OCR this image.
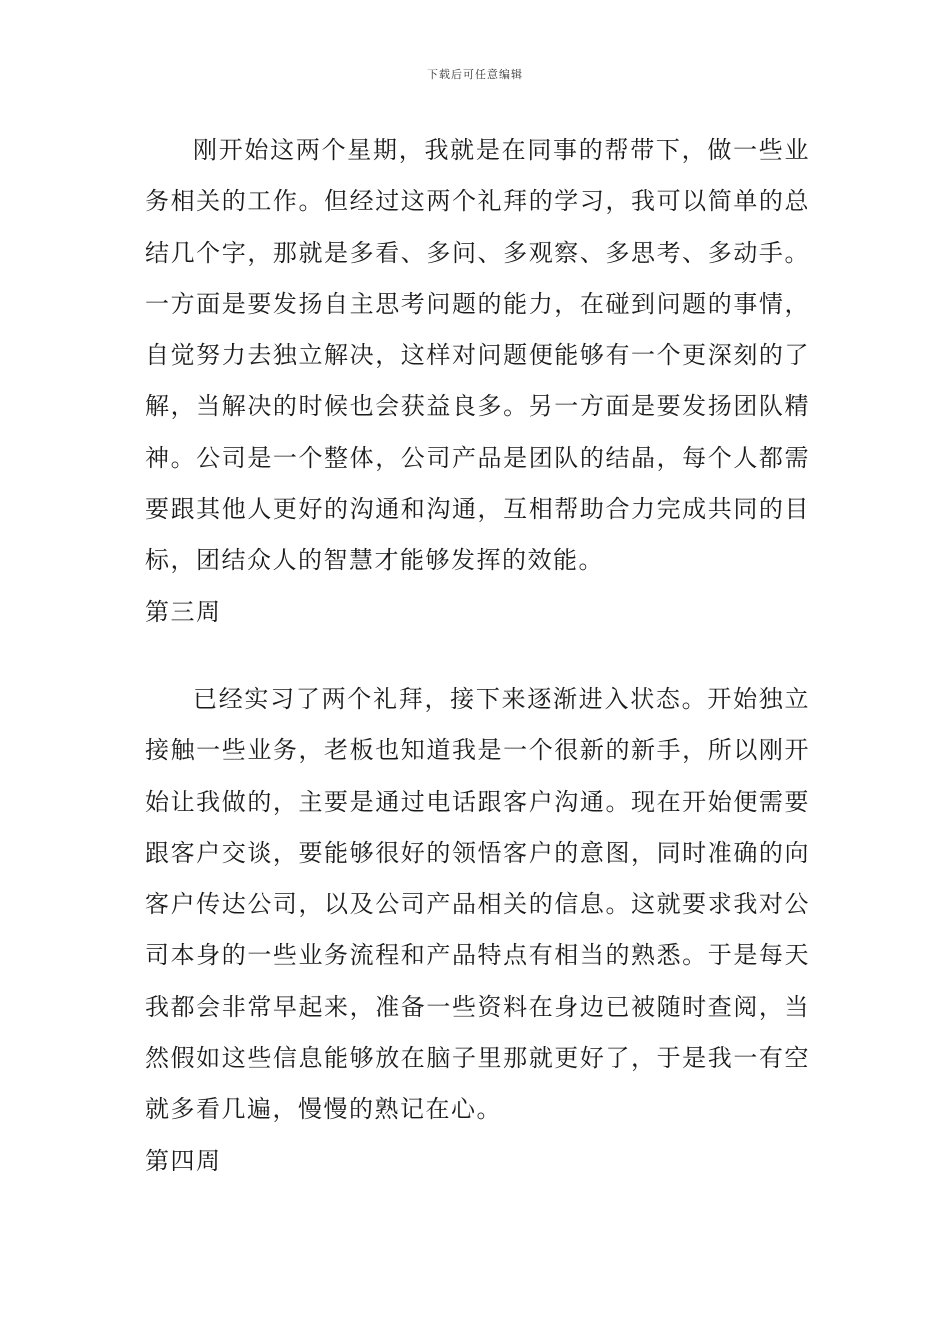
下载后可任意编辑

刚开始这两个星期，我就是在同事的帮带下，做一些业务相关的工作。但经过这两个礼拜的学习，我可以简单的总结几个字，那就是多看、多问、多观察、多思考、多动手。一方面是要发扬自主思考问题的能力，在碰到问题的事情，自觉努力去独立解决，这样对问题便能够有一个更深刻的了解，当解决的时候也会获益良多。另一方面是要发扬团队精神。公司是一个整体，公司产品是团队的结晶，每个人都需要跟其他人更好的沟通和沟通，互相帮助合力完成共同的目标，团结众人的智慧才能够发挥的效能。

第三周

已经实习了两个礼拜，接下来逐渐进入状态。开始独立接触一些业务，老板也知道我是一个很新的新手，所以刚开始让我做的，主要是通过电话跟客户沟通。现在开始便需要跟客户交谈，要能够很好的领悟客户的意图，同时准确的向客户传达公司，以及公司产品相关的信息。这就要求我对公司本身的一些业务流程和产品特点有相当的熟悉。于是每天我都会非常早起来，准备一些资料在身边已被随时查阅，当然假如这些信息能够放在脑子里那就更好了，于是我一有空就多看几遍，慢慢的熟记在心。

第四周
